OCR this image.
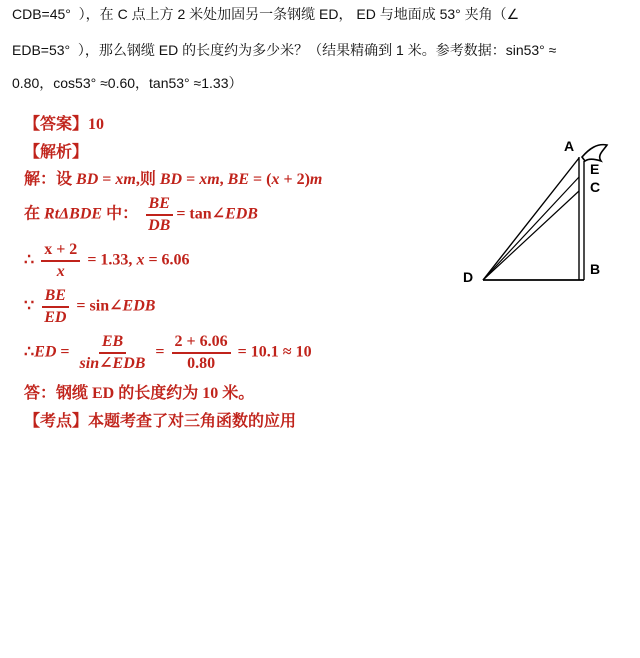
CDB=45°  ），在 C 点上方 2 米处加固另一条钢缆 ED， ED 与地面成 53° 夹角（∠
EDB=53°  ），那么钢缆 ED 的长度约为多少米？（结果精确到 1 米。参考数据：sin53° ≈
0.80，cos53° ≈0.60，tan53° ≈1.33）
【答案】10
【解析】
解：设 BD = xm,则 BD = xm, BE = (x + 2)m
在 RtΔBDE 中： $\frac{BE}{DB}$ = tan∠EDB
∴ $\frac{x + 2}{x} = 1.33$, x = 6.06
∵ $\frac{BE}{ED}$ = sin∠EDB
∴ED = $\frac{EB}{\text{sin∠EDB}} = \frac{2 + 6.06}{0.80} = 10.1 \approx 10$
答：钢缆 ED 的长度约为 10 米。
【考点】本题考查了对三角函数的应用
A
E
C
B
D
